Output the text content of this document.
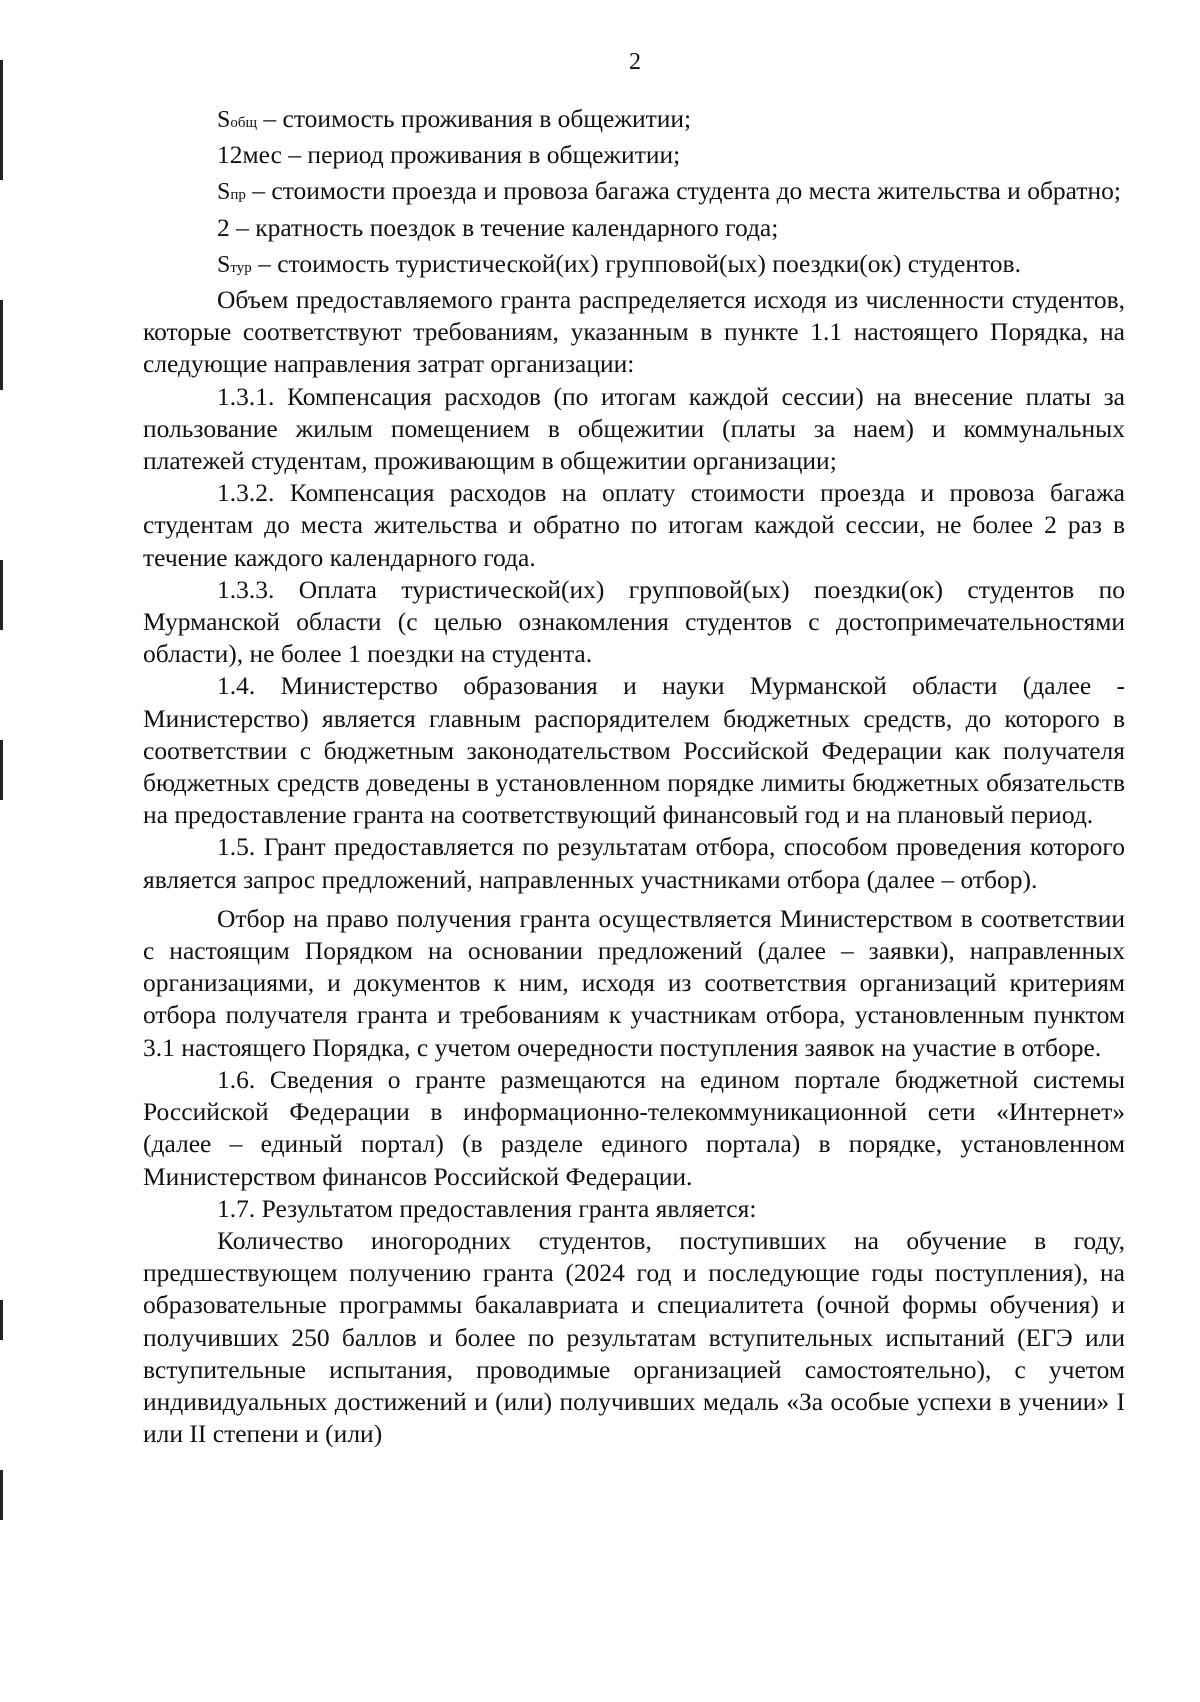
2

Sобщ – стоимость проживания в общежитии;

12мес – период проживания в общежитии;

Sпр – стоимости проезда и провоза багажа студента до места жительства и обратно;

2 – кратность поездок в течение календарного года;

Sтур – стоимость туристической(их) групповой(ых) поездки(ок) студентов.

Объем предоставляемого гранта распределяется исходя из численности студентов, которые соответствуют требованиям, указанным в пункте 1.1 настоящего Порядка, на следующие направления затрат организации:

1.3.1. Компенсация расходов (по итогам каждой сессии) на внесение платы за пользование жилым помещением в общежитии (платы за наем) и коммунальных платежей студентам, проживающим в общежитии организации;

1.3.2. Компенсация расходов на оплату стоимости проезда и провоза багажа студентам до места жительства и обратно по итогам каждой сессии, не более 2 раз в течение каждого календарного года.

1.3.3. Оплата туристической(их) групповой(ых) поездки(ок) студентов по Мурманской области (с целью ознакомления студентов с достопримечательностями области), не более 1 поездки на студента.

1.4. Министерство образования и науки Мурманской области (далее - Министерство) является главным распорядителем бюджетных средств, до которого в соответствии с бюджетным законодательством Российской Федерации как получателя бюджетных средств доведены в установленном порядке лимиты бюджетных обязательств на предоставление гранта на соответствующий финансовый год и на плановый период.

1.5. Грант предоставляется по результатам отбора, способом проведения которого является запрос предложений, направленных участниками отбора (далее – отбор).

Отбор на право получения гранта осуществляется Министерством в соответствии с настоящим Порядком на основании предложений (далее – заявки), направленных организациями, и документов к ним, исходя из соответствия организаций критериям отбора получателя гранта и требованиям к участникам отбора, установленным пунктом 3.1 настоящего Порядка, с учетом очередности поступления заявок на участие в отборе.

1.6. Сведения о гранте размещаются на едином портале бюджетной системы Российской Федерации в информационно-телекоммуникационной сети «Интернет» (далее – единый портал) (в разделе единого портала) в порядке, установленном Министерством финансов Российской Федерации.

1.7. Результатом предоставления гранта является:

Количество иногородних студентов, поступивших на обучение в году, предшествующем получению гранта (2024 год и последующие годы поступления), на образовательные программы бакалавриата и специалитета (очной формы обучения) и получивших 250 баллов и более по результатам вступительных испытаний (ЕГЭ или вступительные испытания, проводимые организацией самостоятельно), с учетом индивидуальных достижений и (или) получивших медаль «За особые успехи в учении» I или II степени и (или)
